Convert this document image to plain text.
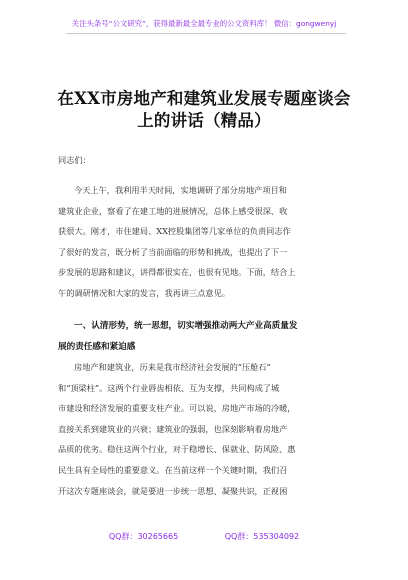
关注头条号“公文研究”，获得最新最全最专业的公文资料库！ 微信：gongwenyj
在XX市房地产和建筑业发展专题座谈会
上的讲话（精品）
同志们：
今天上午，我利用半天时间，实地调研了部分房地产项目和
建筑业企业，察看了在建工地的进展情况，总体上感受很深、收
获很大。刚才，市住建局、XX控股集团等几家单位的负责同志作
了很好的发言，既分析了当前面临的形势和挑战，也提出了下一
步发展的思路和建议，讲得都很实在，也很有见地。下面，结合上
午的调研情况和大家的发言，我再讲三点意见。
一、认清形势，统一思想，切实增强推动两大产业高质量发
展的责任感和紧迫感
房地产和建筑业，历来是我市经济社会发展的“压舱石”
和“顶梁柱”。这两个行业唇齿相依、互为支撑，共同构成了城
市建设和经济发展的重要支柱产业。可以说，房地产市场的冷暖，
直接关系到建筑业的兴衰；建筑业的强弱，也深刻影响着房地产
品质的优劣。稳住这两个行业，对于稳增长、保就业、防风险、惠
民生具有全局性的重要意义。在当前这样一个关键时期，我们召
开这次专题座谈会，就是要进一步统一思想、凝聚共识，正视困
QQ群：30265665	QQ群：535304092
